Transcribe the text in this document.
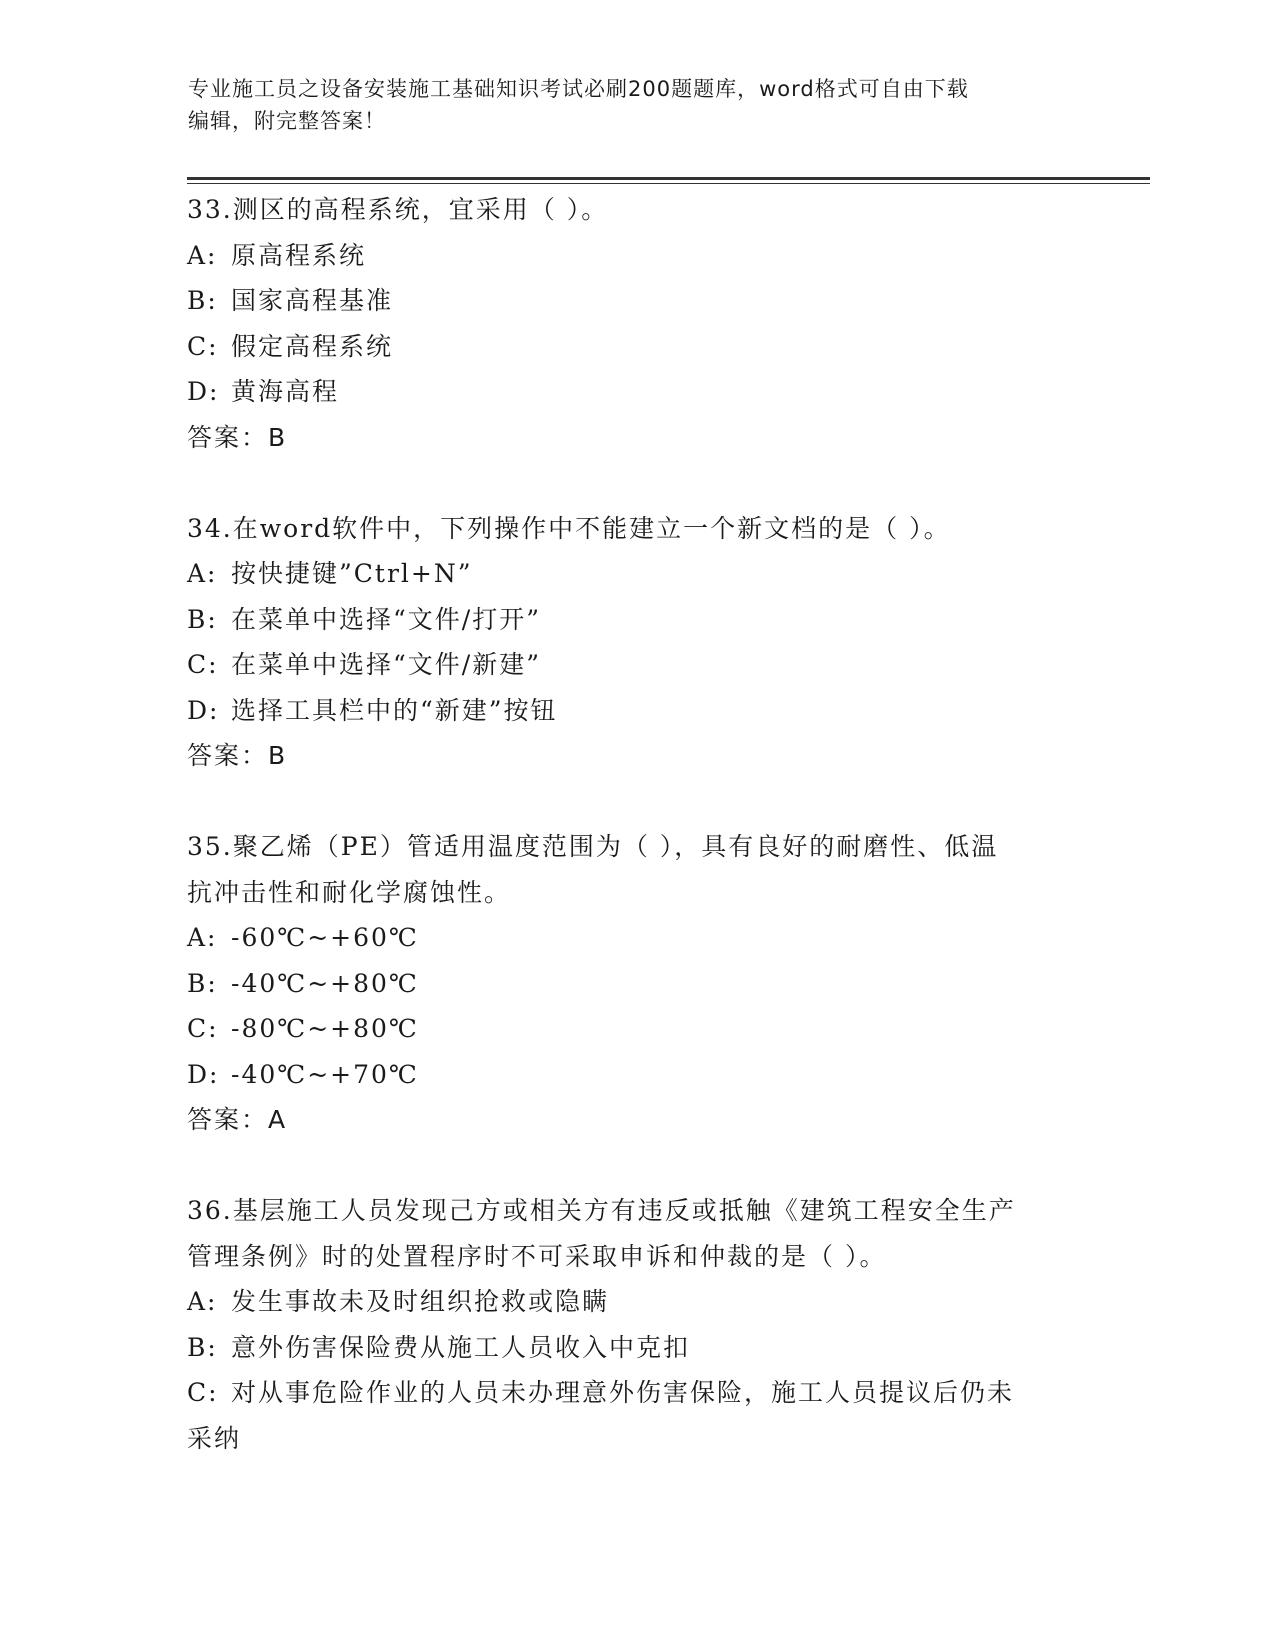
专业施工员之设备安装施工基础知识考试必刷200题题库，word格式可自由下载
编辑，附完整答案！
33.测区的高程系统，宜采用（ ）。
A: 原高程系统
B: 国家高程基准
C: 假定高程系统
D: 黄海高程
答案：B
34.在word软件中，下列操作中不能建立一个新文档的是（ ）。
A: 按快捷键”Ctrl+N”
B: 在菜单中选择“文件/打开”
C: 在菜单中选择“文件/新建”
D: 选择工具栏中的“新建”按钮
答案：B
35.聚乙烯（PE）管适用温度范围为（ ），具有良好的耐磨性、低温
抗冲击性和耐化学腐蚀性。
A: -60℃~+60℃
B: -40℃~+80℃
C: -80℃~+80℃
D: -40℃~+70℃
答案：A
36.基层施工人员发现己方或相关方有违反或抵触《建筑工程安全生产
管理条例》时的处置程序时不可采取申诉和仲裁的是（ ）。
A: 发生事故未及时组织抢救或隐瞒
B: 意外伤害保险费从施工人员收入中克扣
C: 对从事危险作业的人员未办理意外伤害保险，施工人员提议后仍未
采纳
